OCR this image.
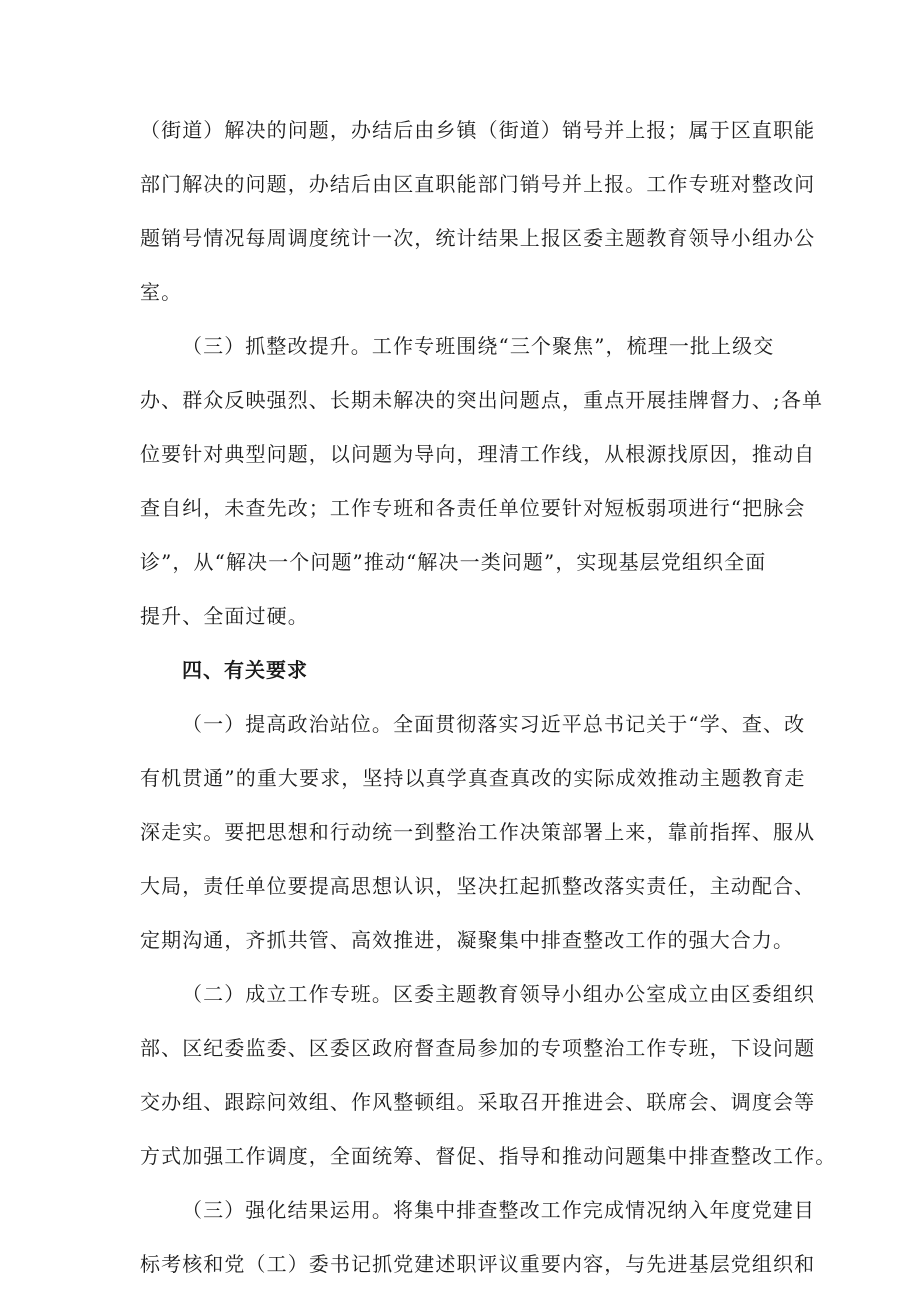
（街道）解决的问题，办结后由乡镇（街道）销号并上报；属于区直职能
部门解决的问题，办结后由区直职能部门销号并上报。工作专班对整改问
题销号情况每周调度统计一次，统计结果上报区委主题教育领导小组办公
室。
（三）抓整改提升。工作专班围绕“三个聚焦”，梳理一批上级交
办、群众反映强烈、长期未解决的突出问题点，重点开展挂牌督力、;各单
位要针对典型问题，以问题为导向，理清工作线，从根源找原因，推动自
查自纠，未查先改；工作专班和各责任单位要针对短板弱项进行“把脉会
诊”，从“解决一个问题”推动“解决一类问题”，实现基层党组织全面
提升、全面过硬。
四、有关要求
（一）提高政治站位。全面贯彻落实习近平总书记关于“学、查、改
有机贯通”的重大要求，坚持以真学真查真改的实际成效推动主题教育走
深走实。要把思想和行动统一到整治工作决策部署上来，靠前指挥、服从
大局，责任单位要提高思想认识，坚决扛起抓整改落实责任，主动配合、
定期沟通，齐抓共管、高效推进，凝聚集中排查整改工作的强大合力。
（二）成立工作专班。区委主题教育领导小组办公室成立由区委组织
部、区纪委监委、区委区政府督查局参加的专项整治工作专班，下设问题
交办组、跟踪问效组、作风整顿组。采取召开推进会、联席会、调度会等
方式加强工作调度，全面统筹、督促、指导和推动问题集中排查整改工作。
（三）强化结果运用。将集中排查整改工作完成情况纳入年度党建目
标考核和党（工）委书记抓党建述职评议重要内容，与先进基层党组织和
